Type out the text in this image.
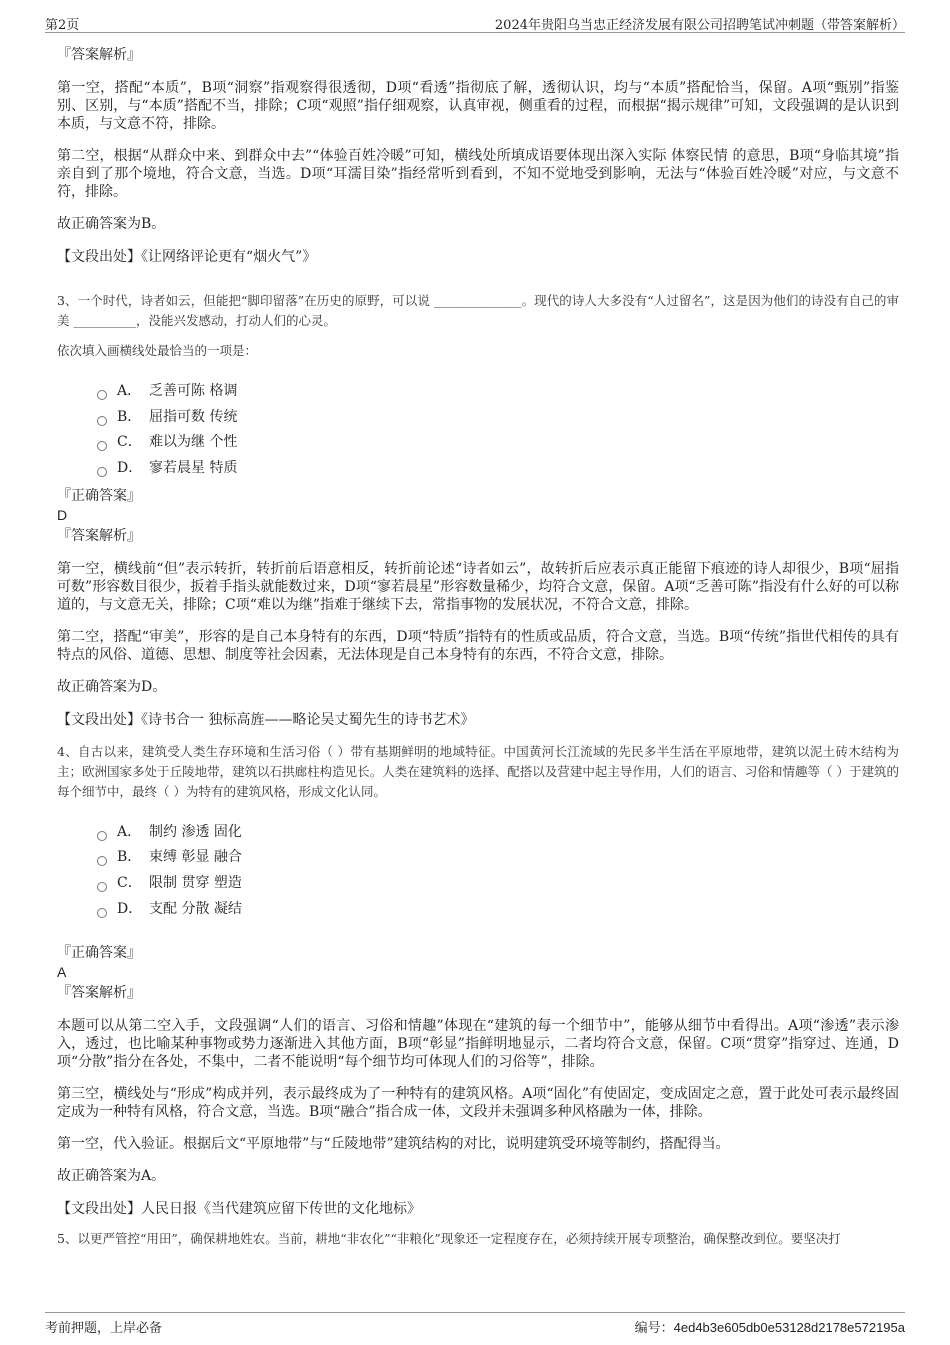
第2页	2024年贵阳乌当忠正经济发展有限公司招聘笔试冲刺题（带答案解析）
『答案解析』

第一空，搭配“本质”，B项“洞察”指观察得很透彻，D项“看透”指彻底了解，透彻认识，均与“本质”搭配恰当，保留。A项“甄别”指鉴别、区别，与“本质”搭配不当，排除；C项“观照”指仔细观察，认真审视，侧重看的过程，而根据“揭示规律”可知，文段强调的是认识到本质，与文意不符，排除。

第二空，根据“从群众中来、到群众中去”“体验百姓冷暖”可知，横线处所填成语要体现出深入实际 体察民情 的意思，B项“身临其境”指亲自到了那个境地，符合文意，当选。D项“耳濡目染”指经常听到看到，不知不觉地受到影响，无法与“体验百姓冷暖”对应，与文意不符，排除。

故正确答案为B。

【文段出处】《让网络评论更有“烟火气”》
3、一个时代，诗者如云，但能把“脚印留落”在历史的原野，可以说 ______________。现代的诗人大多没有“人过留名”，这是因为他们的诗没有自己的审美 __________，没能兴发感动，打动人们的心灵。
依次填入画横线处最恰当的一项是：
A． 乏善可陈 格调
B． 屈指可数 传统
C． 难以为继 个性
D． 寥若晨星 特质
『正确答案』
D
『答案解析』

第一空，横线前“但”表示转折，转折前后语意相反，转折前论述“诗者如云”，故转折后应表示真正能留下痕迹的诗人却很少，B项“屈指可数”形容数目很少，扳着手指头就能数过来，D项“寥若晨星”形容数量稀少，均符合文意，保留。A项“乏善可陈”指没有什么好的可以称道的，与文意无关，排除；C项“难以为继”指难于继续下去，常指事物的发展状况，不符合文意，排除。

第二空，搭配“审美”，形容的是自己本身特有的东西，D项“特质”指特有的性质或品质，符合文意，当选。B项“传统”指世代相传的具有特点的风俗、道德、思想、制度等社会因素，无法体现是自己本身特有的东西，不符合文意，排除。

故正确答案为D。

【文段出处】《诗书合一 独标高旌——略论吴丈蜀先生的诗书艺术》
4、自古以来，建筑受人类生存环境和生活习俗（ ）带有基期鲜明的地域特征。中国黄河长江流域的先民多半生活在平原地带，建筑以泥土砖木结构为主；欧洲国家多处于丘陵地带，建筑以石拱廊柱构造见长。人类在建筑料的选择、配搭以及营建中起主导作用，人们的语言、习俗和情趣等（ ）于建筑的每个细节中，最终（ ）为特有的建筑风格，形成文化认同。
A． 制约 渗透 固化
B． 束缚 彰显 融合
C． 限制 贯穿 塑造
D． 支配 分散 凝结
『正确答案』
A
『答案解析』

本题可以从第二空入手，文段强调“人们的语言、习俗和情趣”体现在“建筑的每一个细节中”，能够从细节中看得出。A项“渗透”表示渗入，透过，也比喻某种事物或势力逐渐进入其他方面，B项“彰显”指鲜明地显示，二者均符合文意，保留。C项“贯穿”指穿过、连通，D项“分散”指分在各处，不集中，二者不能说明“每个细节均可体现人们的习俗等”，排除。

第三空，横线处与“形成”构成并列，表示最终成为了一种特有的建筑风格。A项“固化”有使固定，变成固定之意，置于此处可表示最终固定成为一种特有风格，符合文意，当选。B项“融合”指合成一体，文段并未强调多种风格融为一体，排除。

第一空，代入验证。根据后文“平原地带”与“丘陵地带”建筑结构的对比，说明建筑受环境等制约，搭配得当。

故正确答案为A。

【文段出处】人民日报《当代建筑应留下传世的文化地标》
5、以更严管控“用田”，确保耕地姓农。当前，耕地“非农化”“非粮化”现象还一定程度存在，必须持续开展专项整治，确保整改到位。要坚决打
考前押题，上岸必备	编号：4ed4b3e605db0e53128d2178e572195a
